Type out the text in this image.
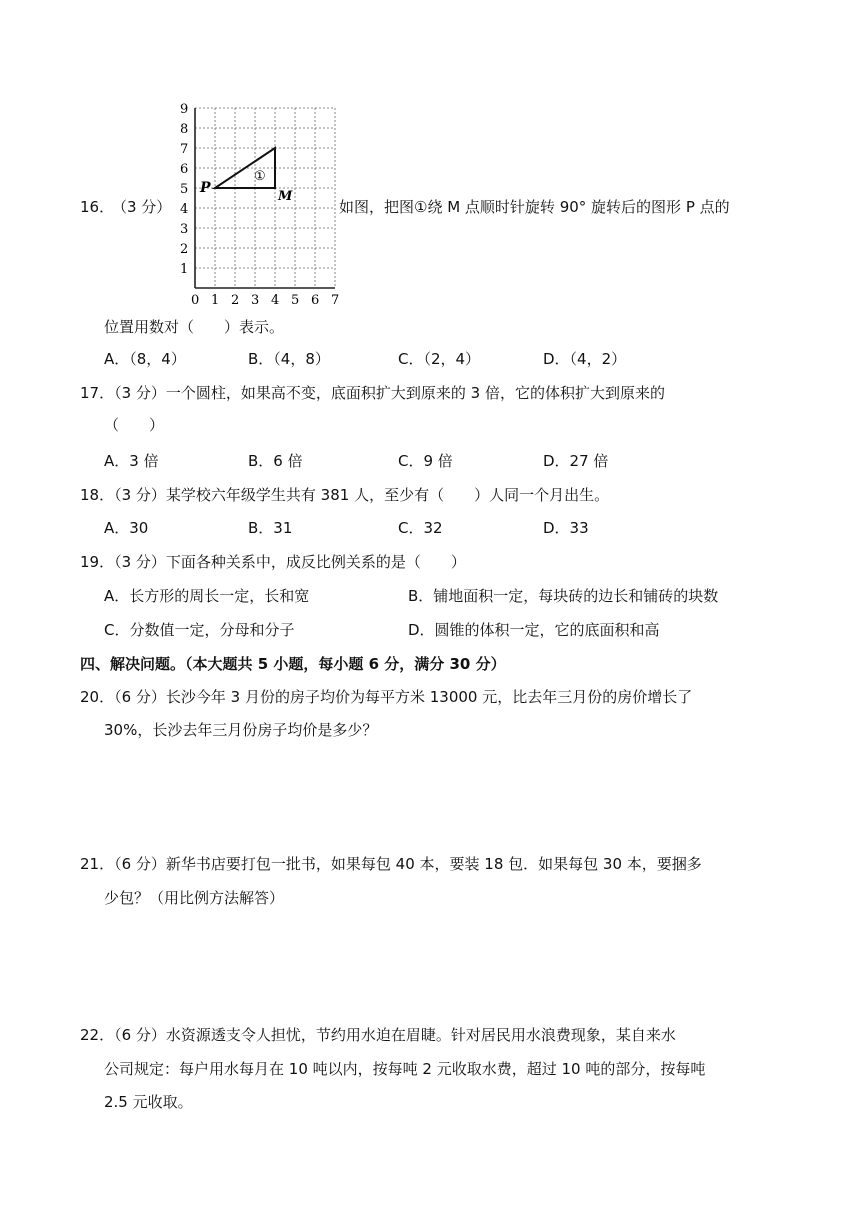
16．
（3 分）
0 1 2 3 4 5 6 7
1
2
3
4
5
6
7
8
9
P
M
①
如图，把图①绕 M 点顺时针旋转 90° 旋转后的图形 P 点的
位置用数对（　　）表示。
A．（8，4）	B．（4，8）	C．（2，4）	D．（4，2）
17．（3 分）一个圆柱，如果高不变，底面积扩大到原来的 3 倍，它的体积扩大到原来的
（　　）
A．3 倍	B．6 倍	C．9 倍	D．27 倍
18．（3 分）某学校六年级学生共有 381 人，至少有（　　）人同一个月出生。
A．30	B．31	C．32	D．33
19．（3 分）下面各种关系中，成反比例关系的是（　　）
A．长方形的周长一定，长和宽	B．铺地面积一定，每块砖的边长和铺砖的块数
C．分数值一定，分母和分子	D．圆锥的体积一定，它的底面积和高
四、解决问题。（本大题共 5 小题，每小题 6 分，满分 30 分）
20．（6 分）长沙今年 3 月份的房子均价为每平方米 13000 元，比去年三月份的房价增长了
30%，长沙去年三月份房子均价是多少？
21．（6 分）新华书店要打包一批书，如果每包 40 本，要装 18 包．如果每包 30 本，要捆多
少包？（用比例方法解答）
22．（6 分）水资源透支令人担忧，节约用水迫在眉睫。针对居民用水浪费现象，某自来水
公司规定：每户用水每月在 10 吨以内，按每吨 2 元收取水费，超过 10 吨的部分，按每吨
2.5 元收取。
